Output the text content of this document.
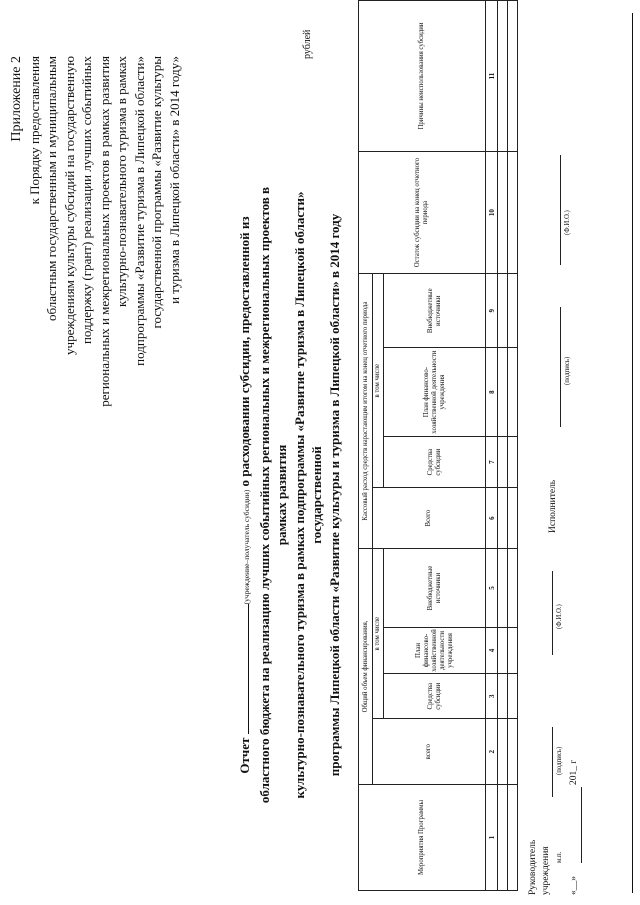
Приложение 2 к Порядку предоставления областным государственным и муниципальным учреждениям культуры субсидий на государственную поддержку (грант) реализации лучших событийных региональных и межрегиональных проектов в рамках развития культурно-познавательного туризма в рамках подпрограммы «Развитие туризма в Липецкой области» государственной программы «Развитие культуры и туризма в Липецкой области» в 2014 году»
Отчет (учреждение–получатель субсидии) о расходовании субсидии, предоставленной из областного бюджета на реализацию лучших событийных региональных и межрегиональных проектов в рамках развития культурно-познавательного туризма в рамках подпрограммы «Развитие туризма в Липецкой области» государственной программы Липецкой области «Развитие культуры и туризма в Липецкой области» в 2014 году
рублей
Мероприятия Программы	Общий объем финансирования,				Кассовый расход средств нарастающим итогом на конец отчетного периода				Остаток субсидии на конец отчетного периода	Причины неиспользования субсидии
	всего	в том числе			Всего	в том числе				
		Средства субсидии	План финансово-хозяйственной деятельности учреждения	Внебюджетные источники		Средства субсидии	План финансово-хозяйственной деятельности учреждения	Внебюджетные источники		
1	2	3	4	5	6	7	8	9	10	11

Руководитель учреждения м.п.
(подпись)
(Ф.И.О.)
«__»
201_ г
Исполнитель
(подпись)
(Ф.И.О.)
